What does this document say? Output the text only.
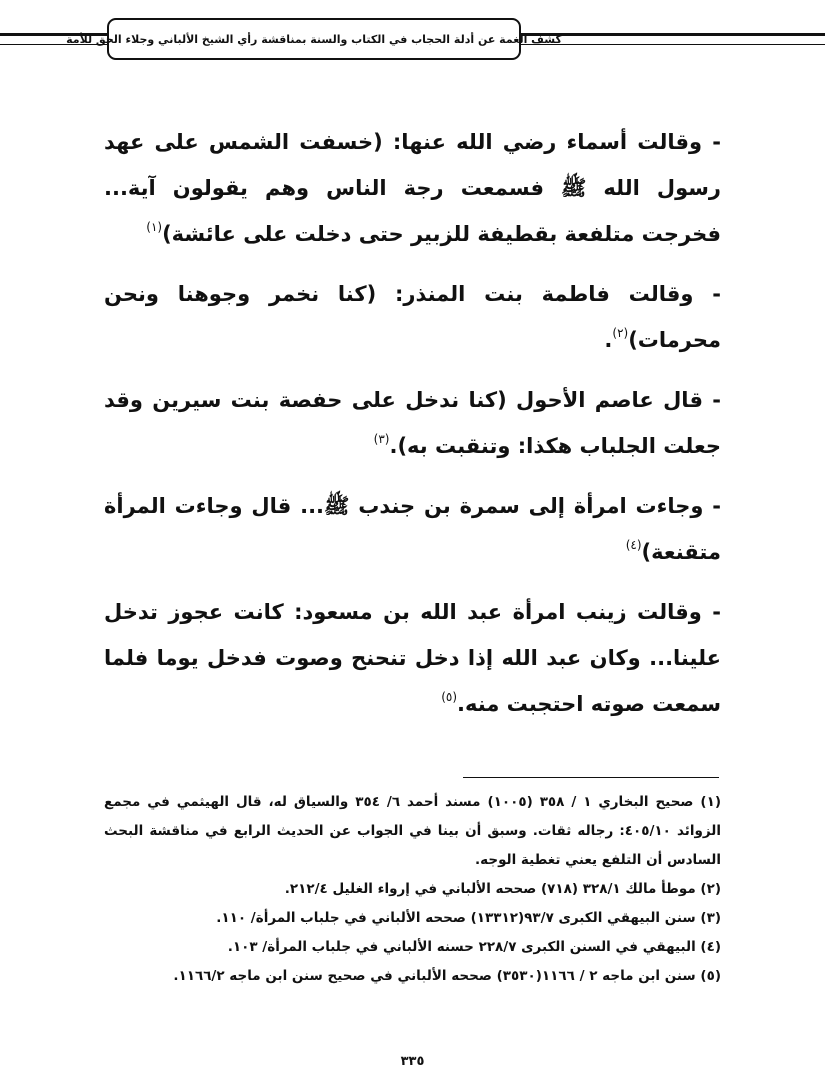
كشف الغمة عن أدلة الحجاب في الكتاب والسنة بمناقشة رأي الشيخ الألباني وجلاء الحق للأمة

- وقالت أسماء رضي الله عنها: (خسفت الشمس على عهد رسول الله ﷺ فسمعت رجة الناس وهم يقولون آية... فخرجت متلفعة بقطيفة للزبير حتى دخلت على عائشة)$^{(١)}$

- وقالت فاطمة بنت المنذر: (كنا نخمر وجوهنا ونحن محرمات)$^{(٢)}$.

- قال عاصم الأحول (كنا ندخل على حفصة بنت سيرين وقد جعلت الجلباب هكذا: وتنقبت به).$^{(٣)}$

- وجاءت امرأة إلى سمرة بن جندب ﷺ... قال وجاءت المرأة متقنعة)$^{(٤)}$

- وقالت زينب امرأة عبد الله بن مسعود: كانت عجوز تدخل علينا... وكان عبد الله إذا دخل تنحنح وصوت فدخل يوما فلما سمعت صوته احتجبت منه.$^{(٥)}$

(١) صحيح البخاري ١ / ٣٥٨ (١٠٠٥) مسند أحمد ٦/ ٣٥٤ والسياق له، قال الهيثمي في مجمع الزوائد ٤٠٥/١٠: رجاله ثقات. وسبق أن بينا في الجواب عن الحديث الرابع في مناقشة البحث السادس أن التلفع يعني تغطية الوجه.

(٢) موطأ مالك ٣٢٨/١ (٧١٨) صححه الألباني في إرواء الغليل ٢١٢/٤.

(٣) سنن البيهقي الكبرى ٩٣/٧(١٣٣١٢) صححه الألباني في جلباب المرأة/ ١١٠.

(٤) البيهقي في السنن الكبرى ٢٢٨/٧ حسنه الألباني في جلباب المرأة/ ١٠٣.

(٥) سنن ابن ماجه ٢ / ١١٦٦(٣٥٣٠) صححه الألباني في صحيح سنن ابن ماجه ١١٦٦/٢.

٣٣٥
